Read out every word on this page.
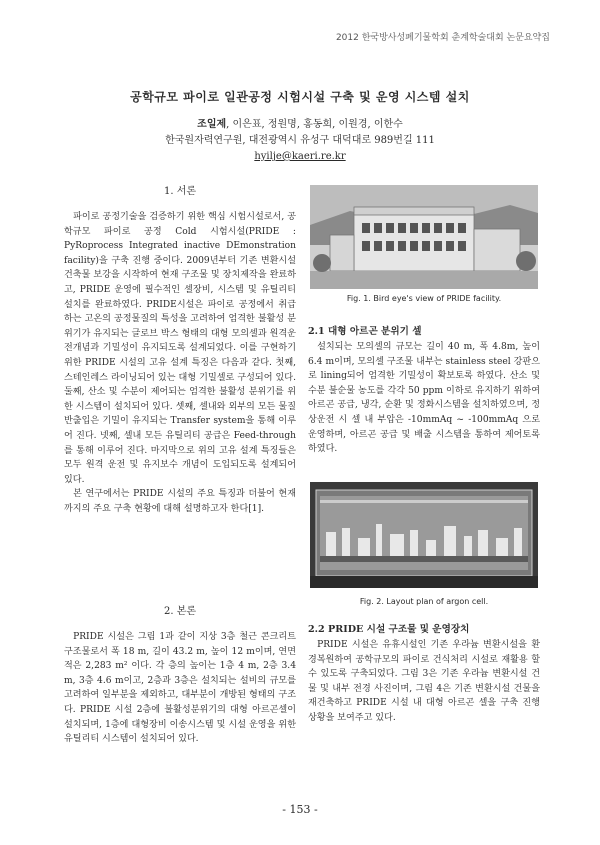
2012 한국방사성폐기물학회 춘계학술대회 논문요약집
공학규모 파이로 일관공정 시험시설 구축 및 운영 시스템 설치
조일제, 이은표, 정원명, 홍동희, 이원경, 이한수
한국원자력연구원, 대전광역시 유성구 대덕대로 989번길 111
hyilje@kaeri.re.kr
1. 서론

파이로 공정기술을 검증하기 위한 핵심 시험시설로서, 공학규모 파이로 공정 Cold 시험시설(PRIDE : PyRoprocess Integrated inactive DEmonstration facility)을 구축 진행 중이다. 2009년부터 기존 변환시설 건축물 보강을 시작하여 현재 구조물 및 장치제작을 완료하고, PRIDE 운영에 필수적인 셀장비, 시스템 및 유틸리티 설치를 완료하였다. PRIDE시설은 파이로 공정에서 취급하는 고온의 공정물질의 특성을 고려하여 엄격한 불활성 분위기가 유지되는 글로브 박스 형태의 대형 모의셀과 원격운전개념과 기밀성이 유지되도록 설계되었다. 이를 구현하기 위한 PRIDE 시설의 고유 설계 특징은 다음과 같다. 첫째, 스테인레스 라이닝되어 있는 대형 기밀셀로 구성되어 있다. 둘째, 산소 및 수분이 제어되는 엄격한 불활성 분위기를 위한 시스템이 설치되어 있다. 셋째, 셀내와 외부의 모든 물질 반출입은 기밀이 유지되는 Transfer system을 통해 이루어 진다. 넷째, 셀내 모든 유틸리티 공급은 Feed-through를 통해 이루어 진다. 마지막으로 위의 고유 설계 특징들은 모두 원격 운전 및 유지보수 개념이 도입되도록 설계되어 있다.

본 연구에서는 PRIDE 시설의 주요 특징과 더불어 현재까지의 주요 구축 현황에 대해 설명하고자 한다[1].

2. 본론

PRIDE 시설은 그림 1과 같이 지상 3층 철근 콘크리트 구조물로서 폭 18 m, 길이 43.2 m, 높이 12 m이며, 연면적은 2,283 m² 이다. 각 층의 높이는 1층 4 m, 2층 3.4 m, 3층 4.6 m이고, 2층과 3층은 설치되는 설비의 규모를 고려하여 일부분을 제외하고, 대부분이 개방된 형태의 구조다. PRIDE 시설 2층에 불활성분위기의 대형 아르곤셀이 설치되며, 1층에 대형장비 이송시스템 및 시설 운영을 위한 유틸리티 시스템이 설치되어 있다.

Fig. 1. Bird eye's view of PRIDE facility.
2.1 대형 아르곤 분위기 셀

설치되는 모의셀의 규모는 길이 40 m, 폭 4.8m, 높이 6.4 m이며, 모의셀 구조물 내부는 stainless steel 강판으로 lining되어 엄격한 기밀성이 확보토록 하였다. 산소 및 수분 불순물 농도를 각각 50 ppm 이하로 유지하기 위하여 아르곤 공급, 냉각, 순환 및 정화시스템을 설치하였으며, 정상운전 시 셀 내 부압은 -10mmAq ~ -100mmAq 으로 운영하며, 아르곤 공급 및 배출 시스템을 통하여 제어토록 하였다.

Fig. 2. Layout plan of argon cell.
2.2 PRIDE 시설 구조물 및 운영장치

PRIDE 시설은 유휴시설인 기존 우라늄 변환시설을 환경복원하여 공학규모의 파이로 건식처리 시설로 재활용 할 수 있도록 구축되었다. 그림 3은 기존 우라늄 변환시설 건물 및 내부 전경 사진이며, 그림 4은 기존 변환시설 건물을 재건축하고 PRIDE 시설 내 대형 아르곤 셀을 구축 진행 상황을 보여주고 있다.

- 153 -
